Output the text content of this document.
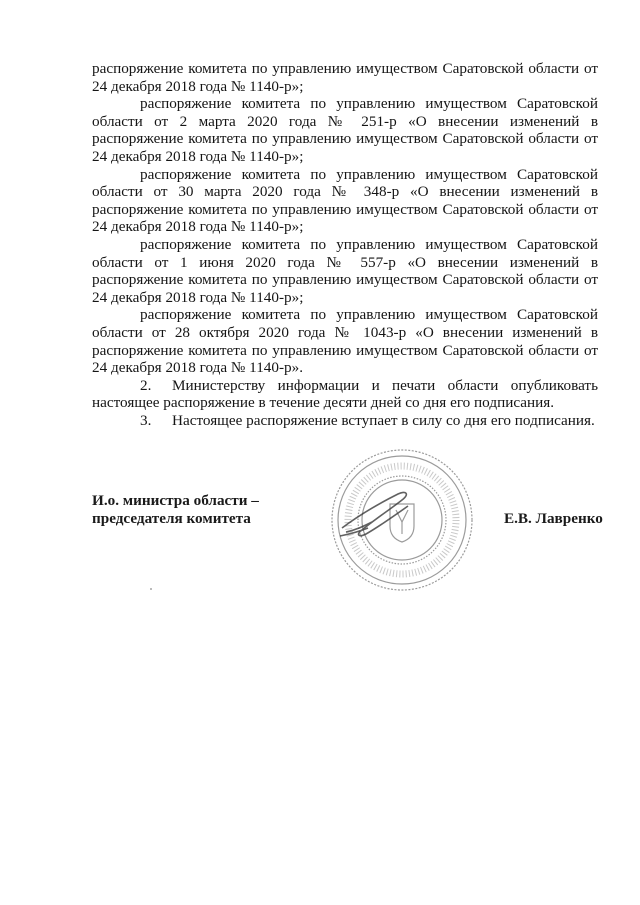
распоряжение комитета по управлению имуществом Саратовской области от 24 декабря 2018 года № 1140-р»;

распоряжение комитета по управлению имуществом Саратовской области от 2 марта 2020 года № 251-р «О внесении изменений в распоряжение комитета по управлению имуществом Саратовской области от 24 декабря 2018 года № 1140-р»;

распоряжение комитета по управлению имуществом Саратовской области от 30 марта 2020 года № 348-р «О внесении изменений в распоряжение комитета по управлению имуществом Саратовской области от 24 декабря 2018 года № 1140-р»;

распоряжение комитета по управлению имуществом Саратовской области от 1 июня 2020 года № 557-р «О внесении изменений в распоряжение комитета по управлению имуществом Саратовской области от 24 декабря 2018 года № 1140-р»;

распоряжение комитета по управлению имуществом Саратовской области от 28 октября 2020 года № 1043-р «О внесении изменений в распоряжение комитета по управлению имуществом Саратовской области от 24 декабря 2018 года № 1140-р».

2. Министерству информации и печати области опубликовать настоящее распоряжение в течение десяти дней со дня его подписания.

3. Настоящее распоряжение вступает в силу со дня его подписания.

И.о. министра области –
председателя комитета	Е.В. Лавренко
